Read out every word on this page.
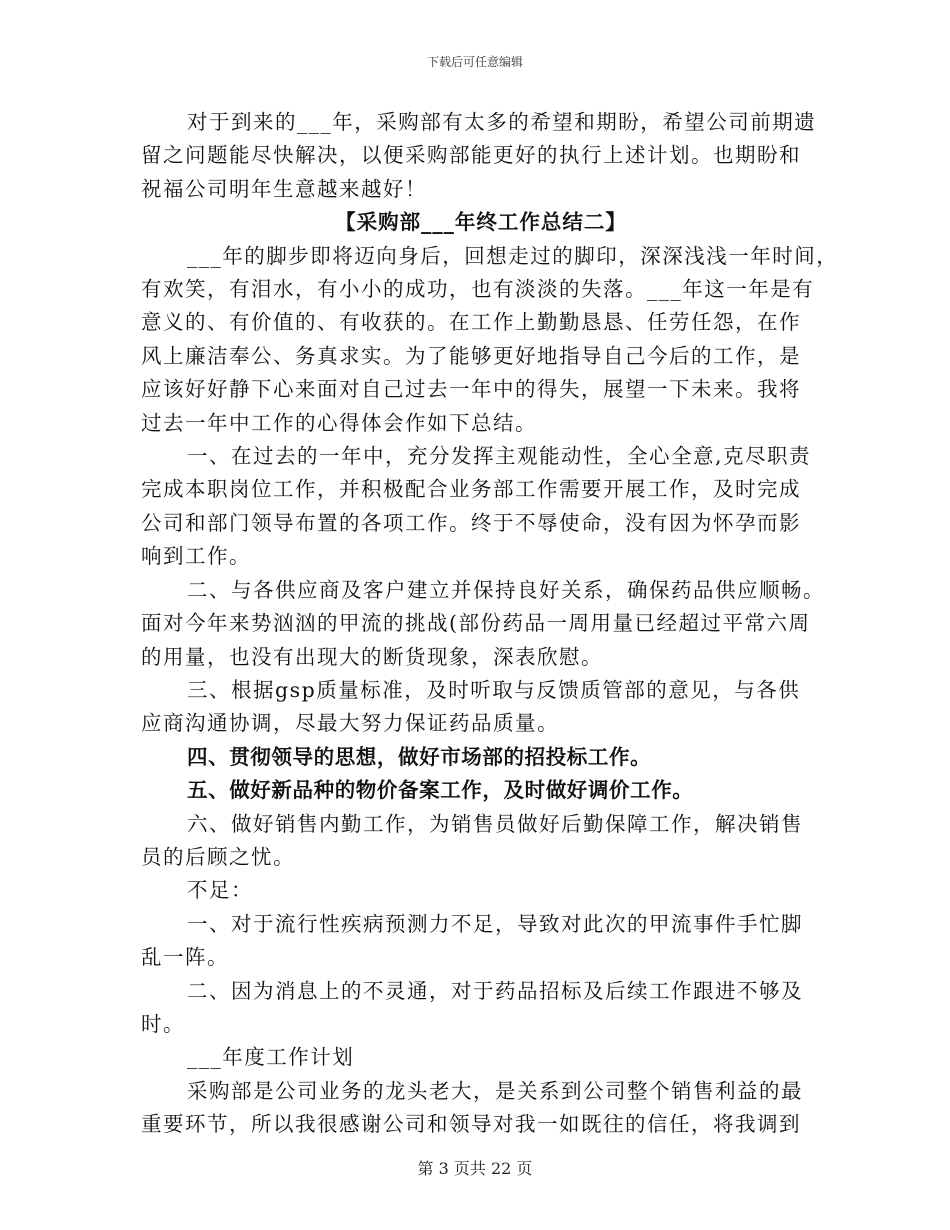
下载后可任意编辑

对于到来的___年，采购部有太多的希望和期盼，希望公司前期遗

留之问题能尽快解决，以便采购部能更好的执行上述计划。也期盼和

祝福公司明年生意越来越好！

【采购部___年终工作总结二】

___年的脚步即将迈向身后，回想走过的脚印，深深浅浅一年时间，

有欢笑，有泪水，有小小的成功，也有淡淡的失落。___年这一年是有

意义的、有价值的、有收获的。在工作上勤勤恳恳、任劳任怨，在作

风上廉洁奉公、务真求实。为了能够更好地指导自己今后的工作，是

应该好好静下心来面对自己过去一年中的得失，展望一下未来。我将

过去一年中工作的心得体会作如下总结。

一、在过去的一年中，充分发挥主观能动性，全心全意,克尽职责

完成本职岗位工作，并积极配合业务部工作需要开展工作，及时完成

公司和部门领导布置的各项工作。终于不辱使命，没有因为怀孕而影

响到工作。

二、与各供应商及客户建立并保持良好关系，确保药品供应顺畅。

面对今年来势汹汹的甲流的挑战(部份药品一周用量已经超过平常六周

的用量，也没有出现大的断货现象，深表欣慰。

三、根据gsp质量标准，及时听取与反馈质管部的意见，与各供

应商沟通协调，尽最大努力保证药品质量。

四、贯彻领导的思想，做好市场部的招投标工作。

五、做好新品种的物价备案工作，及时做好调价工作。

六、做好销售内勤工作，为销售员做好后勤保障工作，解决销售

员的后顾之忧。

不足：

一、对于流行性疾病预测力不足，导致对此次的甲流事件手忙脚

乱一阵。

二、因为消息上的不灵通，对于药品招标及后续工作跟进不够及

时。

___年度工作计划

采购部是公司业务的龙头老大，是关系到公司整个销售利益的最

重要环节，所以我很感谢公司和领导对我一如既往的信任，将我调到

第 3 页共 22 页
